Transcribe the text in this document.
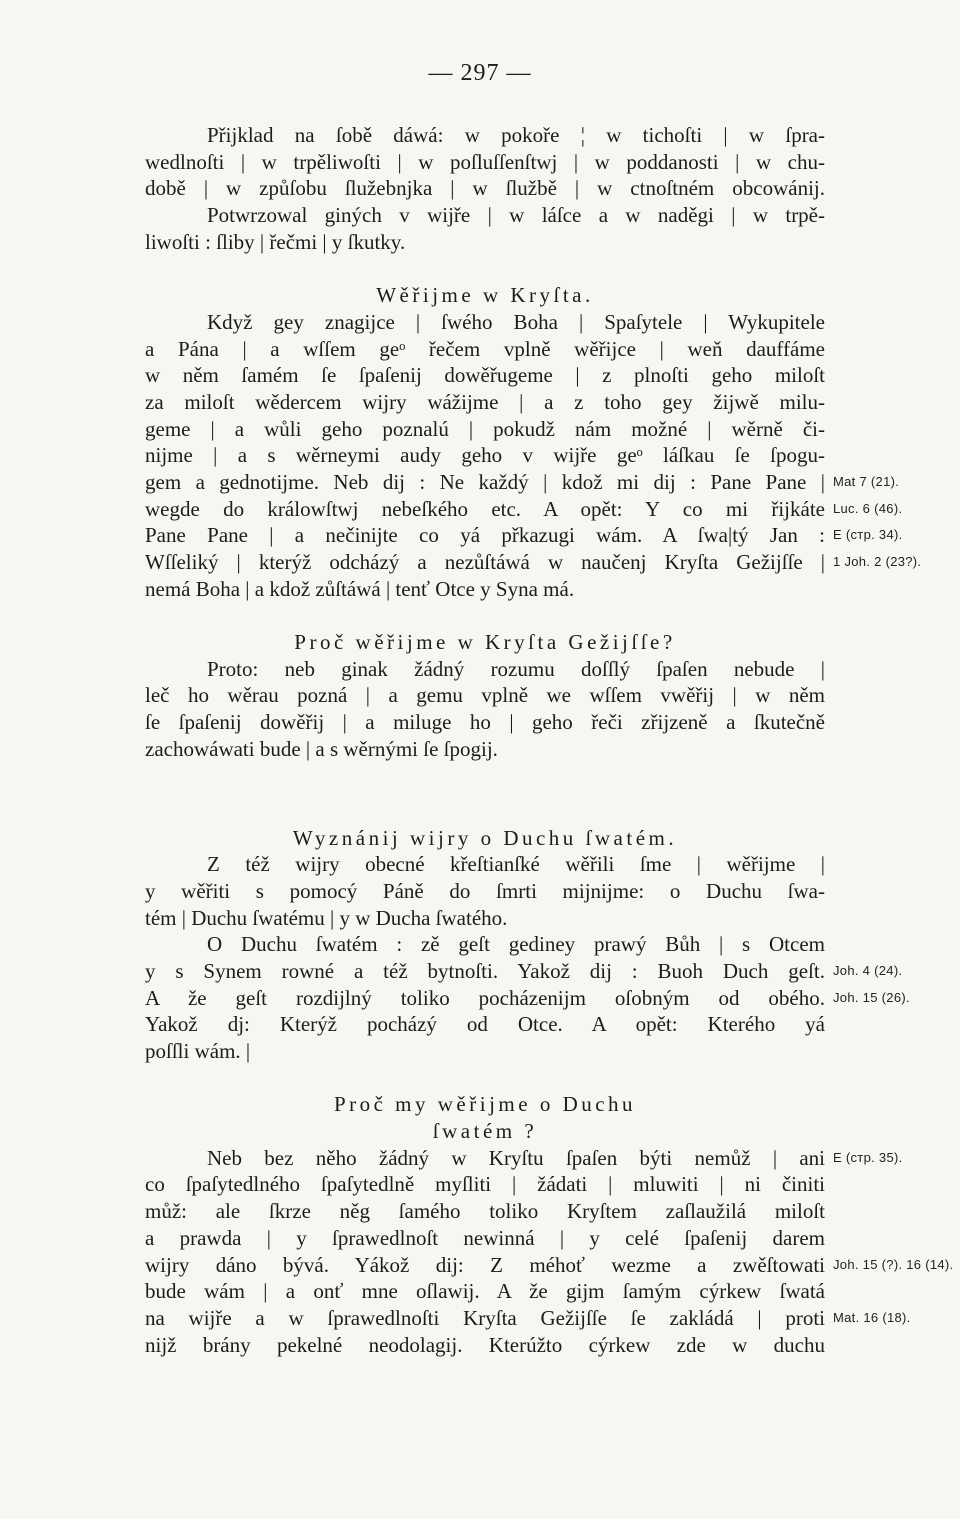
— 297 —
Přijklad na ſobě dáwá: w pokoře ¦ w tichoſti | w ſpra-
wedlnoſti | w trpěliwoſti | w poſluſſenſtwj | w poddanosti | w chu-
době | w způſobu ſlužebnjka | w ſlužbě | w ctnoſtném obcowánij.
Potwrzowal giných v wijře | w láſce a w naděgi | w trpě-
liwoſti : ſliby | řečmi | y ſkutky.
Wěřijme w Kryſta.
Když gey znagijce | ſwého Boha | Spaſytele | Wykupitele
a Pána | a wſſem geᵒ řečem vplně wěřijce | weň dauffáme
w něm ſamém ſe ſpaſenij dowěřugeme | z plnoſti geho miloſt
za miloſt wědercem wijry wážijme | a z toho gey žijwě milu-
geme | a wůli geho poznalú | pokudž nám možné | wěrně či-
nijme | a s wěrneymi audy geho v wijře geᵒ láſkau ſe ſpogu-
gem a gednotijme. Neb dij : Ne každý | kdož mi dij : Pane Pane | Mat 7 (21).
wegde do králowſtwj nebeſkého etc. A opět: Y co mi řijkáte Luc. 6 (46).
Pane Pane | a nečinijte co yá přkazugi wám. A ſwa|tý Jan : E (стр. 34).
Wſſeliký | kterýž odcházý a nezůſtáwá w naučenj Kryſta Gežijſſe | 1 Joh. 2 (23?).
nemá Boha | a kdož zůſtáwá | tenť Otce y Syna má.
Proč wěřijme w Kryſta Gežijſſe?
Proto: neb ginak žádný rozumu doſſlý ſpaſen nebude |
leč ho wěrau pozná | a gemu vplně we wſſem vwěřij | w něm
ſe ſpaſenij dowěřij | a miluge ho | geho řeči zřijzeně a ſkutečně
zachowáwati bude | a s wěrnými ſe ſpogij.
Wyznánij wijry o Duchu ſwatém.
Z též wijry obecné křeſtianſké wěřili ſme | wěřijme |
y wěřiti s pomocý Páně do ſmrti mijnijme: o Duchu ſwa-
tém | Duchu ſwatému | y w Ducha ſwatého.
O Duchu ſwatém : zě geſt gediney prawý Bůh | s Otcem
y s Synem rowné a též bytnoſti. Yakož dij : Buoh Duch geſt. Joh. 4 (24).
A že geſt rozdijlný toliko pocházenijm oſobným od obého. Joh. 15 (26).
Yakož dj: Kterýž pocházý od Otce. A opět: Kterého yá
poſſli wám. |
Proč my wěřijme o Duchu
ſwatém ?
Neb bez něho žádný w Kryſtu ſpaſen býti nemůž | ani E (стр. 35).
co ſpaſytedlného ſpaſytedlně myſliti | žádati | mluwiti | ni činiti
můž: ale ſkrze něg ſamého toliko Kryſtem zaſlaužilá miloſt
a prawda | y ſprawedlnoſt newinná | y celé ſpaſenij darem
wijry dáno bývá. Yákož dij: Z méhoť wezme a zwěſtowati Joh. 15 (?). 16 (14).
bude wám | a onť mne oſlawij. A že gijm ſamým cýrkew ſwatá
na wijře a w ſprawedlnoſti Kryſta Gežijſſe ſe zakládá | proti Mat. 16 (18).
nijž brány pekelné neodolagij. Kterúžto cýrkew zde w duchu
